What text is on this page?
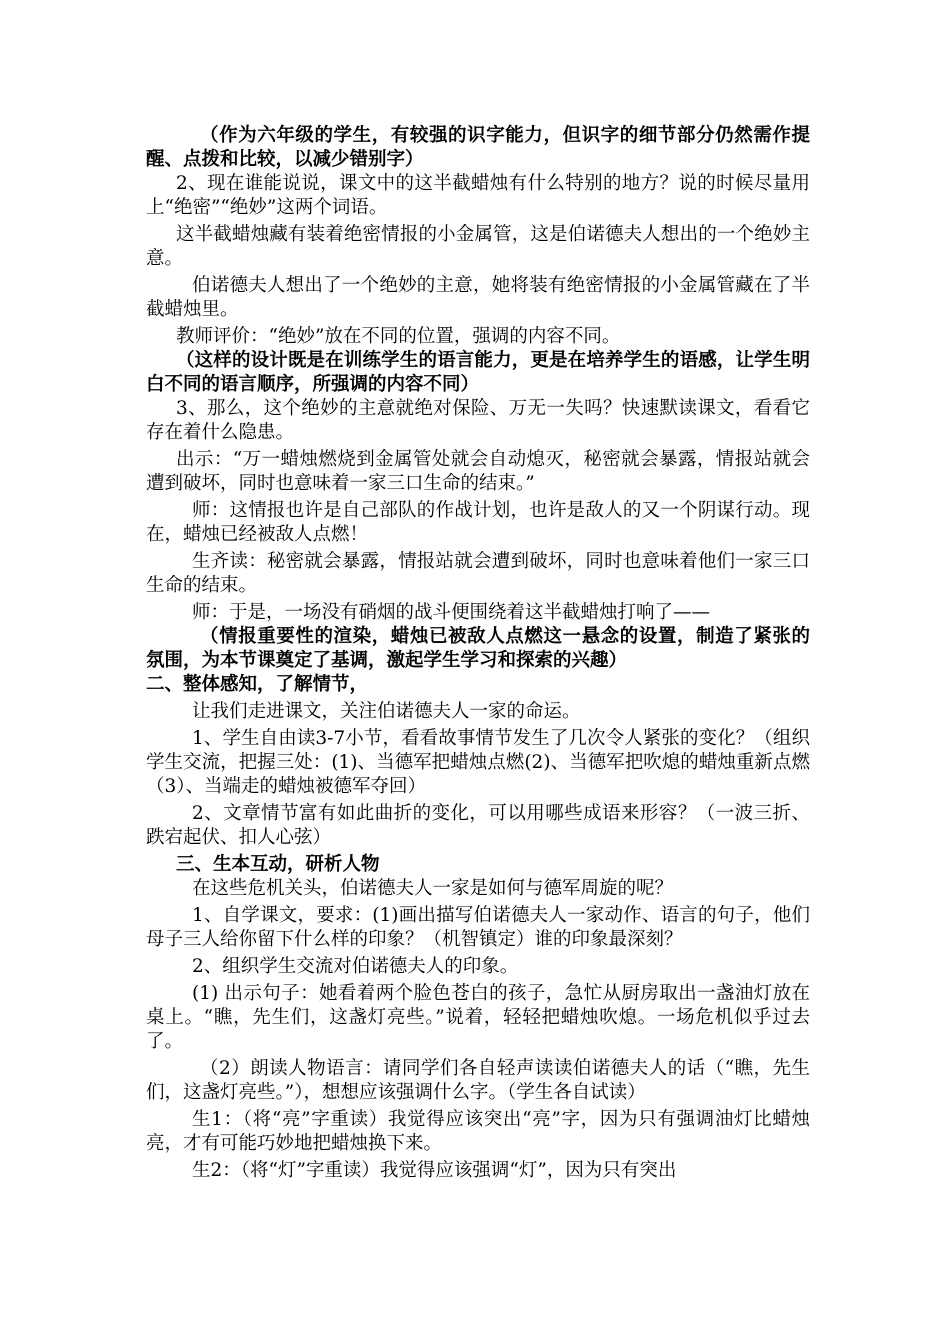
（作为六年级的学生，有较强的识字能力，但识字的细节部分仍然需作提醒、点拨和比较，以减少错别字）

2、现在谁能说说，课文中的这半截蜡烛有什么特别的地方？说的时候尽量用上“绝密”“绝妙”这两个词语。

这半截蜡烛藏有装着绝密情报的小金属管，这是伯诺德夫人想出的一个绝妙主意。

伯诺德夫人想出了一个绝妙的主意，她将装有绝密情报的小金属管藏在了半截蜡烛里。

教师评价：“绝妙”放在不同的位置，强调的内容不同。

（这样的设计既是在训练学生的语言能力，更是在培养学生的语感，让学生明白不同的语言顺序，所强调的内容不同）

3、那么，这个绝妙的主意就绝对保险、万无一失吗？快速默读课文，看看它存在着什么隐患。

出示：“万一蜡烛燃烧到金属管处就会自动熄灭，秘密就会暴露，情报站就会遭到破坏，同时也意味着一家三口生命的结束。”

师：这情报也许是自己部队的作战计划，也许是敌人的又一个阴谋行动。现在，蜡烛已经被敌人点燃！

生齐读：秘密就会暴露，情报站就会遭到破坏，同时也意味着他们一家三口生命的结束。

师：于是，一场没有硝烟的战斗便围绕着这半截蜡烛打响了——

（情报重要性的渲染，蜡烛已被敌人点燃这一悬念的设置，制造了紧张的氛围，为本节课奠定了基调，激起学生学习和探索的兴趣）

二、整体感知，了解情节，

让我们走进课文，关注伯诺德夫人一家的命运。

1、学生自由读3-7小节，看看故事情节发生了几次令人紧张的变化？（组织学生交流，把握三处：(1)、当德军把蜡烛点燃(2)、当德军把吹熄的蜡烛重新点燃（3）、当端走的蜡烛被德军夺回）

2、文章情节富有如此曲折的变化，可以用哪些成语来形容？（一波三折、跌宕起伏、扣人心弦）

三、生本互动，研析人物

在这些危机关头，伯诺德夫人一家是如何与德军周旋的呢？

1、自学课文，要求：(1)画出描写伯诺德夫人一家动作、语言的句子，他们母子三人给你留下什么样的印象？（机智镇定）谁的印象最深刻？

2、组织学生交流对伯诺德夫人的印象。

(1) 出示句子：她看着两个脸色苍白的孩子，急忙从厨房取出一盏油灯放在桌上。“瞧，先生们，这盏灯亮些。”说着，轻轻把蜡烛吹熄。一场危机似乎过去了。

（2）朗读人物语言：请同学们各自轻声读读伯诺德夫人的话（“瞧，先生们，这盏灯亮些。”），想想应该强调什么字。（学生各自试读）

生1：（将“亮”字重读）我觉得应该突出“亮”字，因为只有强调油灯比蜡烛亮，才有可能巧妙地把蜡烛换下来。

生2：（将“灯”字重读）我觉得应该强调“灯”，因为只有突出
